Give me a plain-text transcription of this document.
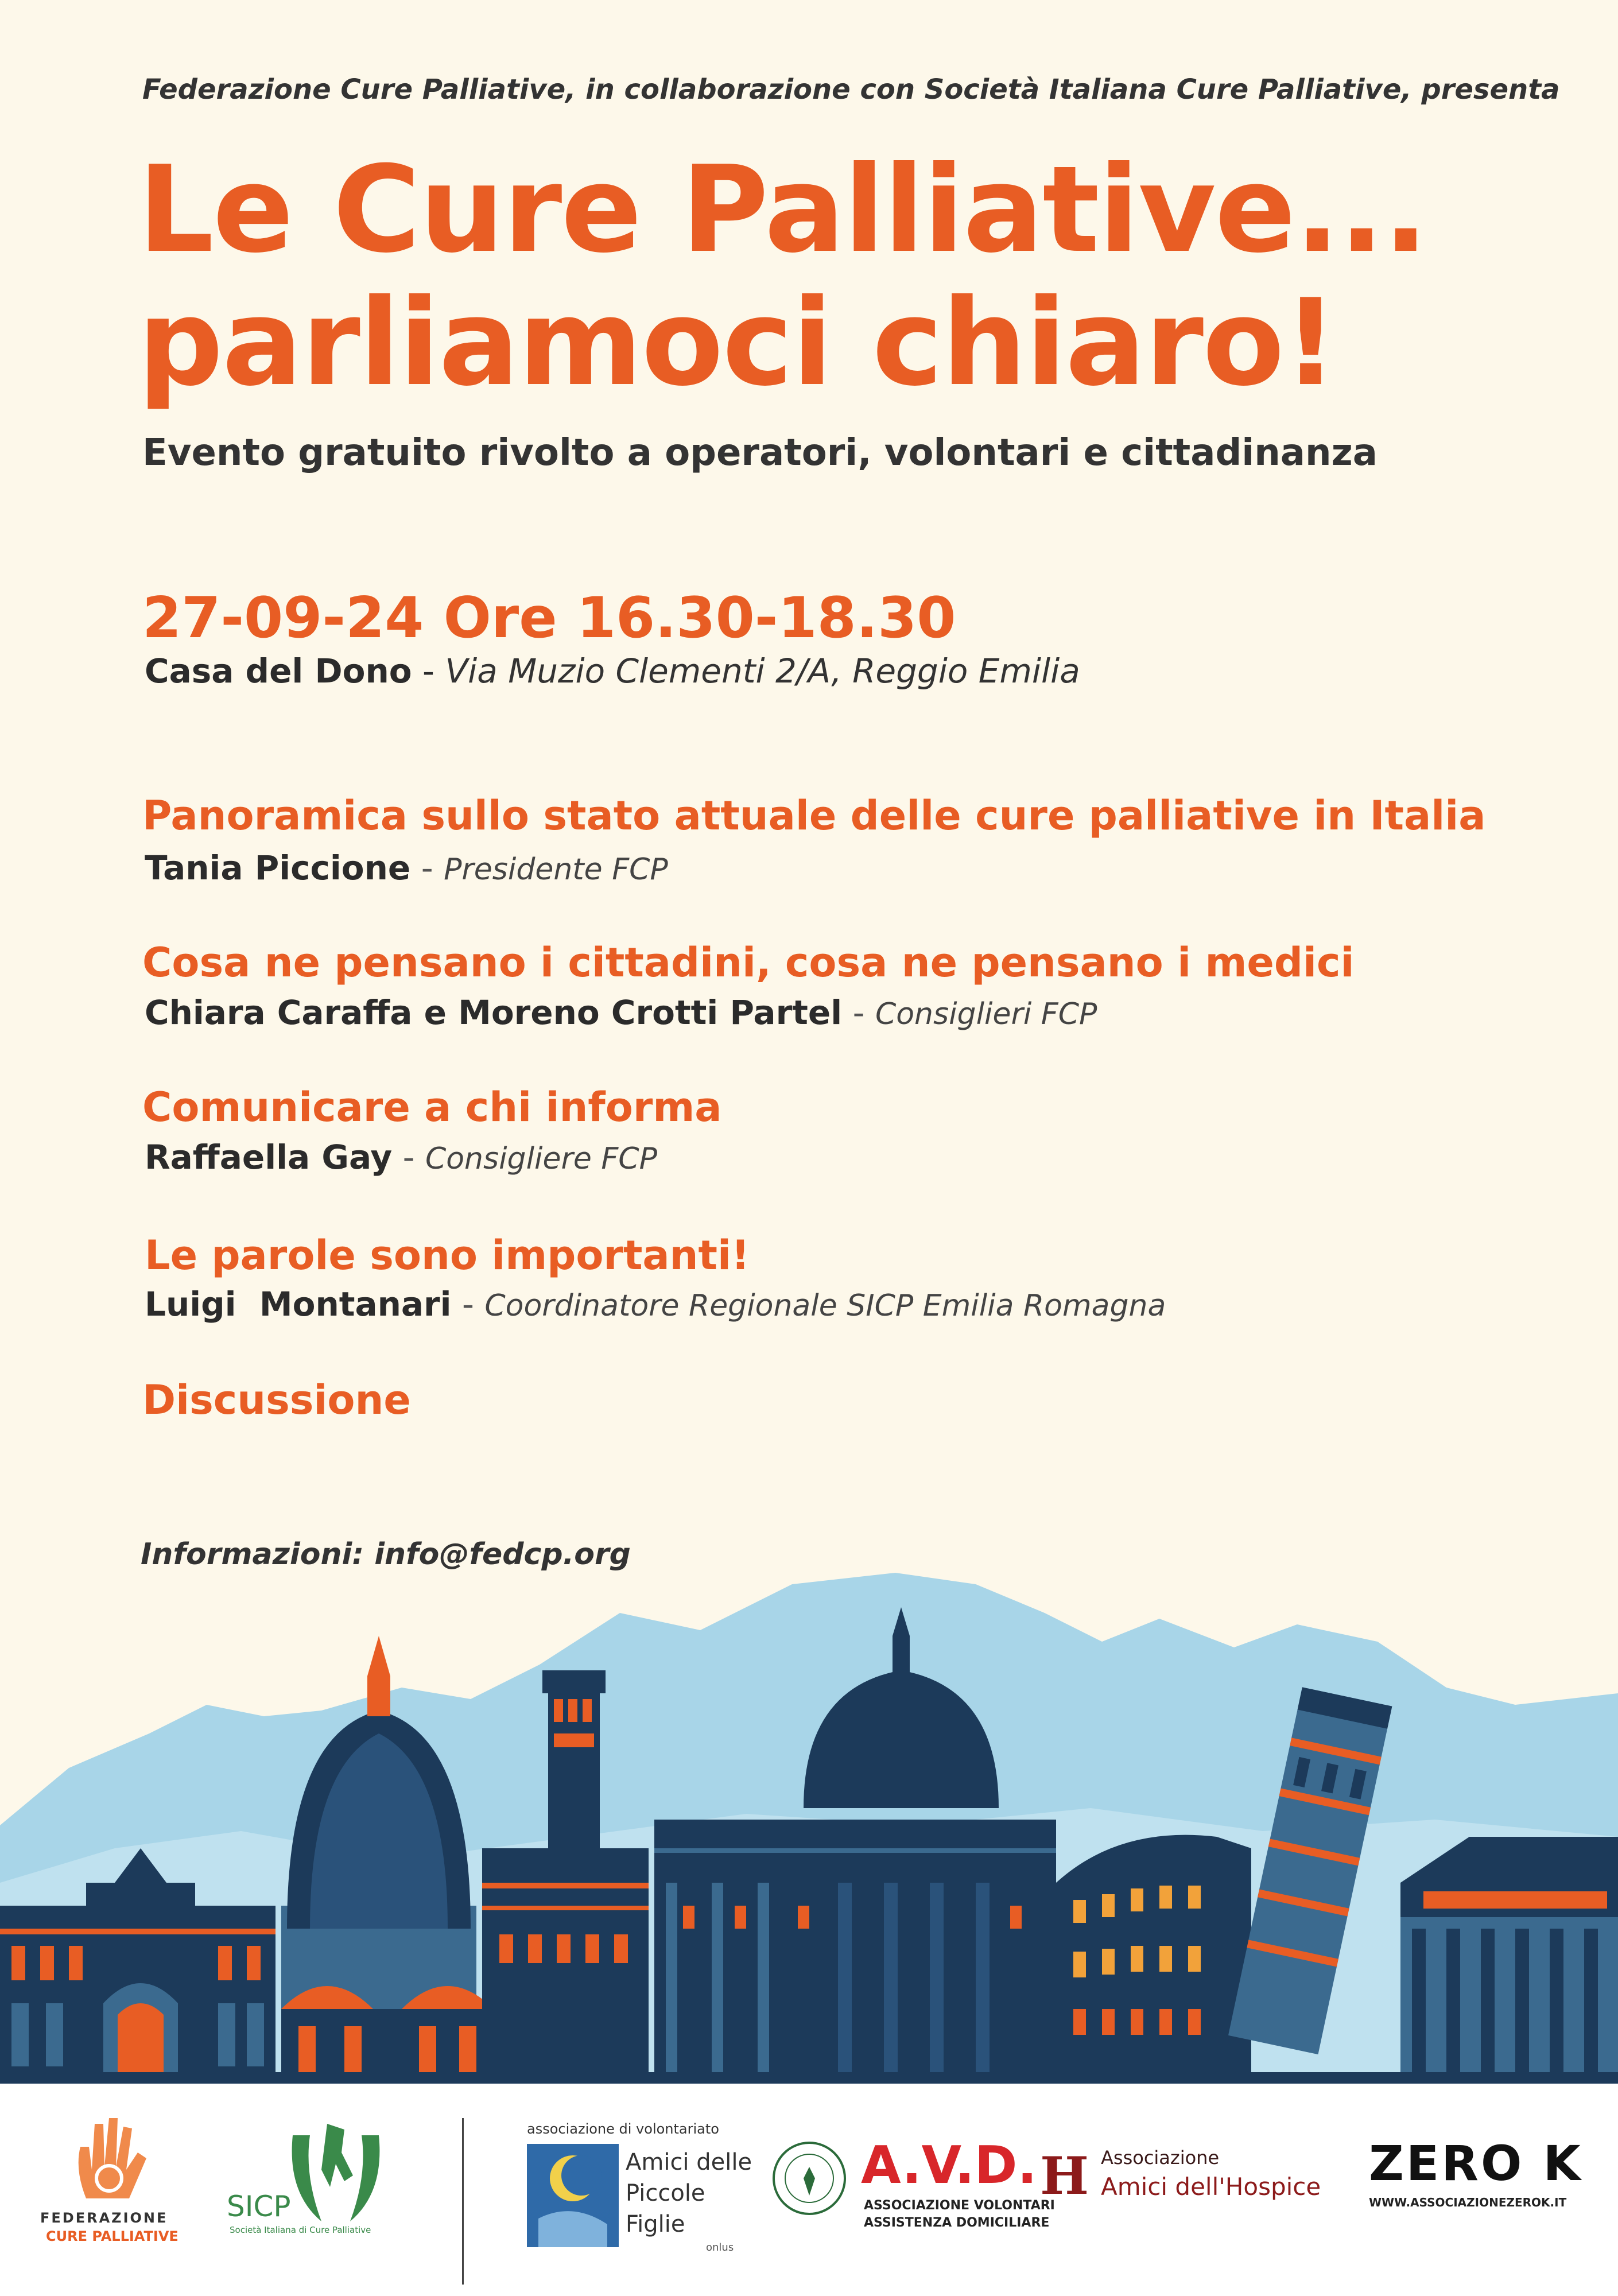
Federazione Cure Palliative, in collaborazione con Società Italiana Cure Palliative, presenta
Le Cure Palliative...
parliamoci chiaro!
Evento gratuito rivolto a operatori, volontari e cittadinanza
27-09-24 Ore 16.30-18.30
Casa del Dono - Via Muzio Clementi 2/A, Reggio Emilia
Panoramica sullo stato attuale delle cure palliative in Italia
Tania Piccione - Presidente FCP
Cosa ne pensano i cittadini, cosa ne pensano i medici
Chiara Caraffa e Moreno Crotti Partel - Consiglieri FCP
Comunicare a chi informa
Raffaella Gay - Consigliere FCP
Le parole sono importanti!
Luigi  Montanari - Coordinatore Regionale SICP Emilia Romagna
Discussione
Informazioni: info@fedcp.org
FEDERAZIONE
CURE PALLIATIVE
SICP
Società Italiana di Cure Palliative
associazione di volontariato
Amici delle
Piccole
Figlie
onlus
A.V.D.
ASSOCIAZIONE VOLONTARI
ASSISTENZA DOMICILIARE
H Associazione
Amici dell'Hospice ZERO K
WWW.ASSOCIAZIONEZEROK.IT
